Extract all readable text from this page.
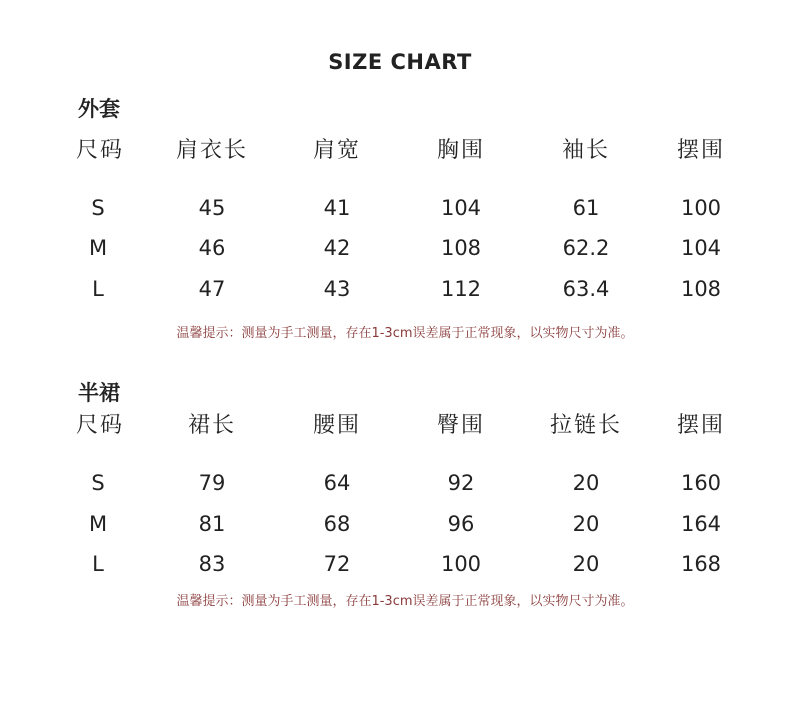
SIZE CHART
外套
尺码	肩衣长	肩宽	胸围	袖长	摆围
S	45	41	104	61	100
M	46	42	108	62.2	104
L	47	43	112	63.4	108
温馨提示：测量为手工测量，存在1-3cm误差属于正常现象，以实物尺寸为准。
半裙
尺码	裙长	腰围	臀围	拉链长	摆围
S	79	64	92	20	160
M	81	68	96	20	164
L	83	72	100	20	168
温馨提示：测量为手工测量，存在1-3cm误差属于正常现象，以实物尺寸为准。
